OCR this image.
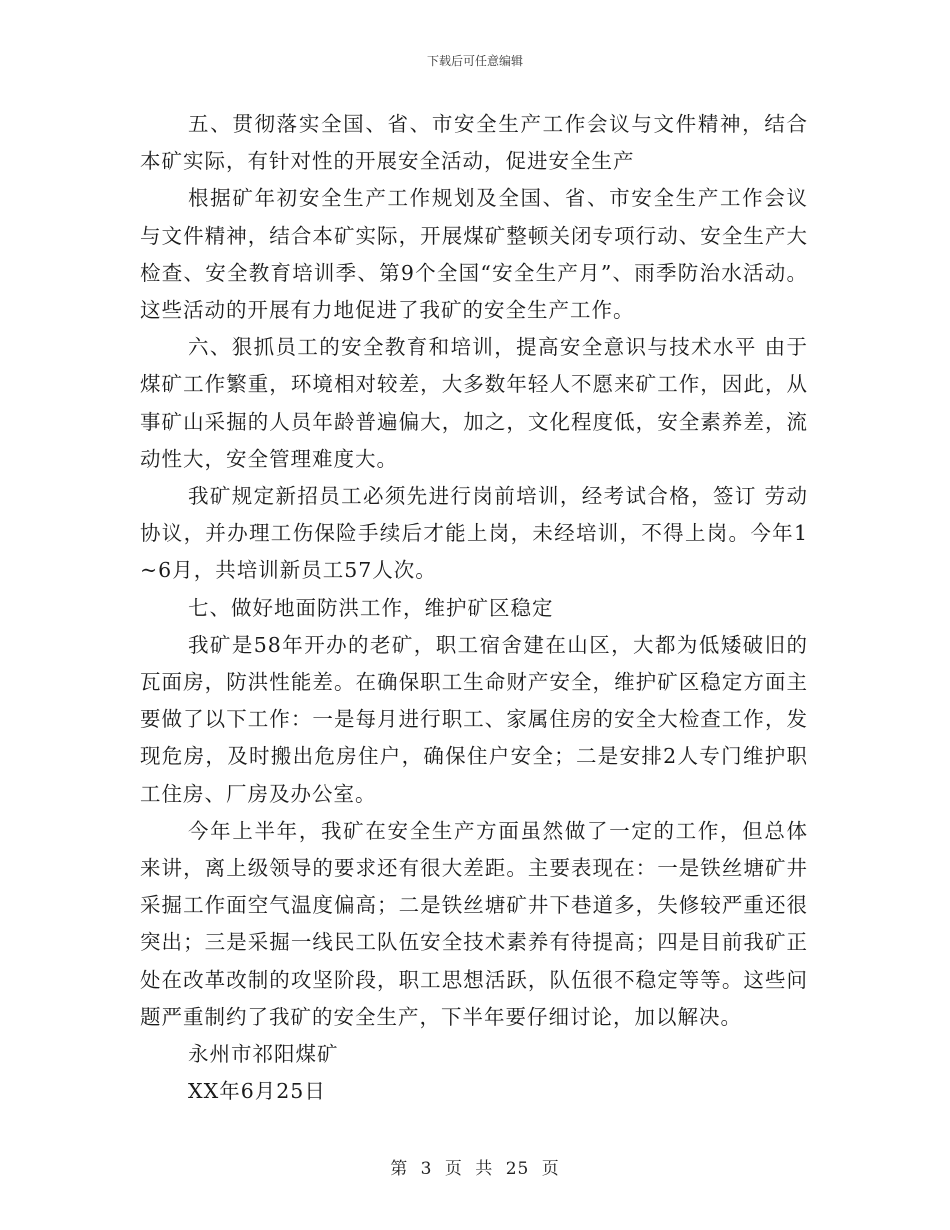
下载后可任意编辑

五、贯彻落实全国、省、市安全生产工作会议与文件精神，结合本矿实际，有针对性的开展安全活动，促进安全生产

根据矿年初安全生产工作规划及全国、省、市安全生产工作会议与文件精神，结合本矿实际，开展煤矿整顿关闭专项行动、安全生产大检查、安全教育培训季、第9个全国“安全生产月”、雨季防治水活动。这些活动的开展有力地促进了我矿的安全生产工作。

六、狠抓员工的安全教育和培训，提高安全意识与技术水平 由于煤矿工作繁重，环境相对较差，大多数年轻人不愿来矿工作，因此，从事矿山采掘的人员年龄普遍偏大，加之，文化程度低，安全素养差，流动性大，安全管理难度大。

我矿规定新招员工必须先进行岗前培训，经考试合格，签订 劳动协议，并办理工伤保险手续后才能上岗，未经培训，不得上岗。今年1~6月，共培训新员工57人次。

七、做好地面防洪工作，维护矿区稳定

我矿是58年开办的老矿，职工宿舍建在山区，大都为低矮破旧的瓦面房，防洪性能差。在确保职工生命财产安全，维护矿区稳定方面主要做了以下工作：一是每月进行职工、家属住房的安全大检查工作，发现危房，及时搬出危房住户，确保住户安全；二是安排2人专门维护职工住房、厂房及办公室。

今年上半年，我矿在安全生产方面虽然做了一定的工作，但总体来讲，离上级领导的要求还有很大差距。主要表现在：一是铁丝塘矿井采掘工作面空气温度偏高；二是铁丝塘矿井下巷道多，失修较严重还很突出；三是采掘一线民工队伍安全技术素养有待提高；四是目前我矿正处在改革改制的攻坚阶段，职工思想活跃，队伍很不稳定等等。这些问题严重制约了我矿的安全生产，下半年要仔细讨论，加以解决。

永州市祁阳煤矿

XX年6月25日

第 3 页 共 25 页
